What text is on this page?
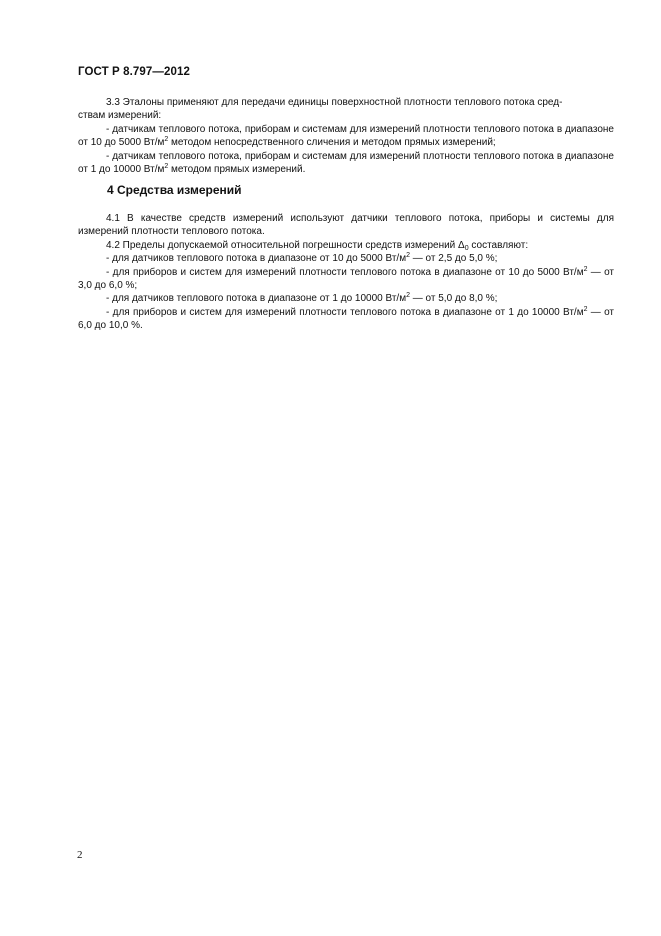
ГОСТ Р 8.797—2012

3.3 Эталоны применяют для передачи единицы поверхностной плотности теплового потока сред-
ствам измерений:

- датчикам теплового потока, приборам и системам для измерений плотности теплового потока в диапазоне от 10 до 5000 $Вт/м^2$ методом непосредственного сличения и методом прямых измерений;

- датчикам теплового потока, приборам и системам для измерений плотности теплового потока в диапазоне от 1 до 10000 $Вт/м^2$ методом прямых измерений.

4 Средства измерений

4.1 В качестве средств измерений используют датчики теплового потока, приборы и системы для измерений плотности теплового потока.

4.2 Пределы допускаемой относительной погрешности средств измерений $\Delta_0$ составляют:

- для датчиков теплового потока в диапазоне от 10 до 5000 $Вт/м^2$ — от 2,5 до 5,0 %;

- для приборов и систем для измерений плотности теплового потока в диапазоне от 10 до 5000 $Вт/м^2$ — от 3,0 до 6,0 %;

- для датчиков теплового потока в диапазоне от 1 до 10000 $Вт/м^2$ — от 5,0 до 8,0 %;

- для приборов и систем для измерений плотности теплового потока в диапазоне от 1 до 10000 $Вт/м^2$ — от 6,0 до 10,0 %.

2
